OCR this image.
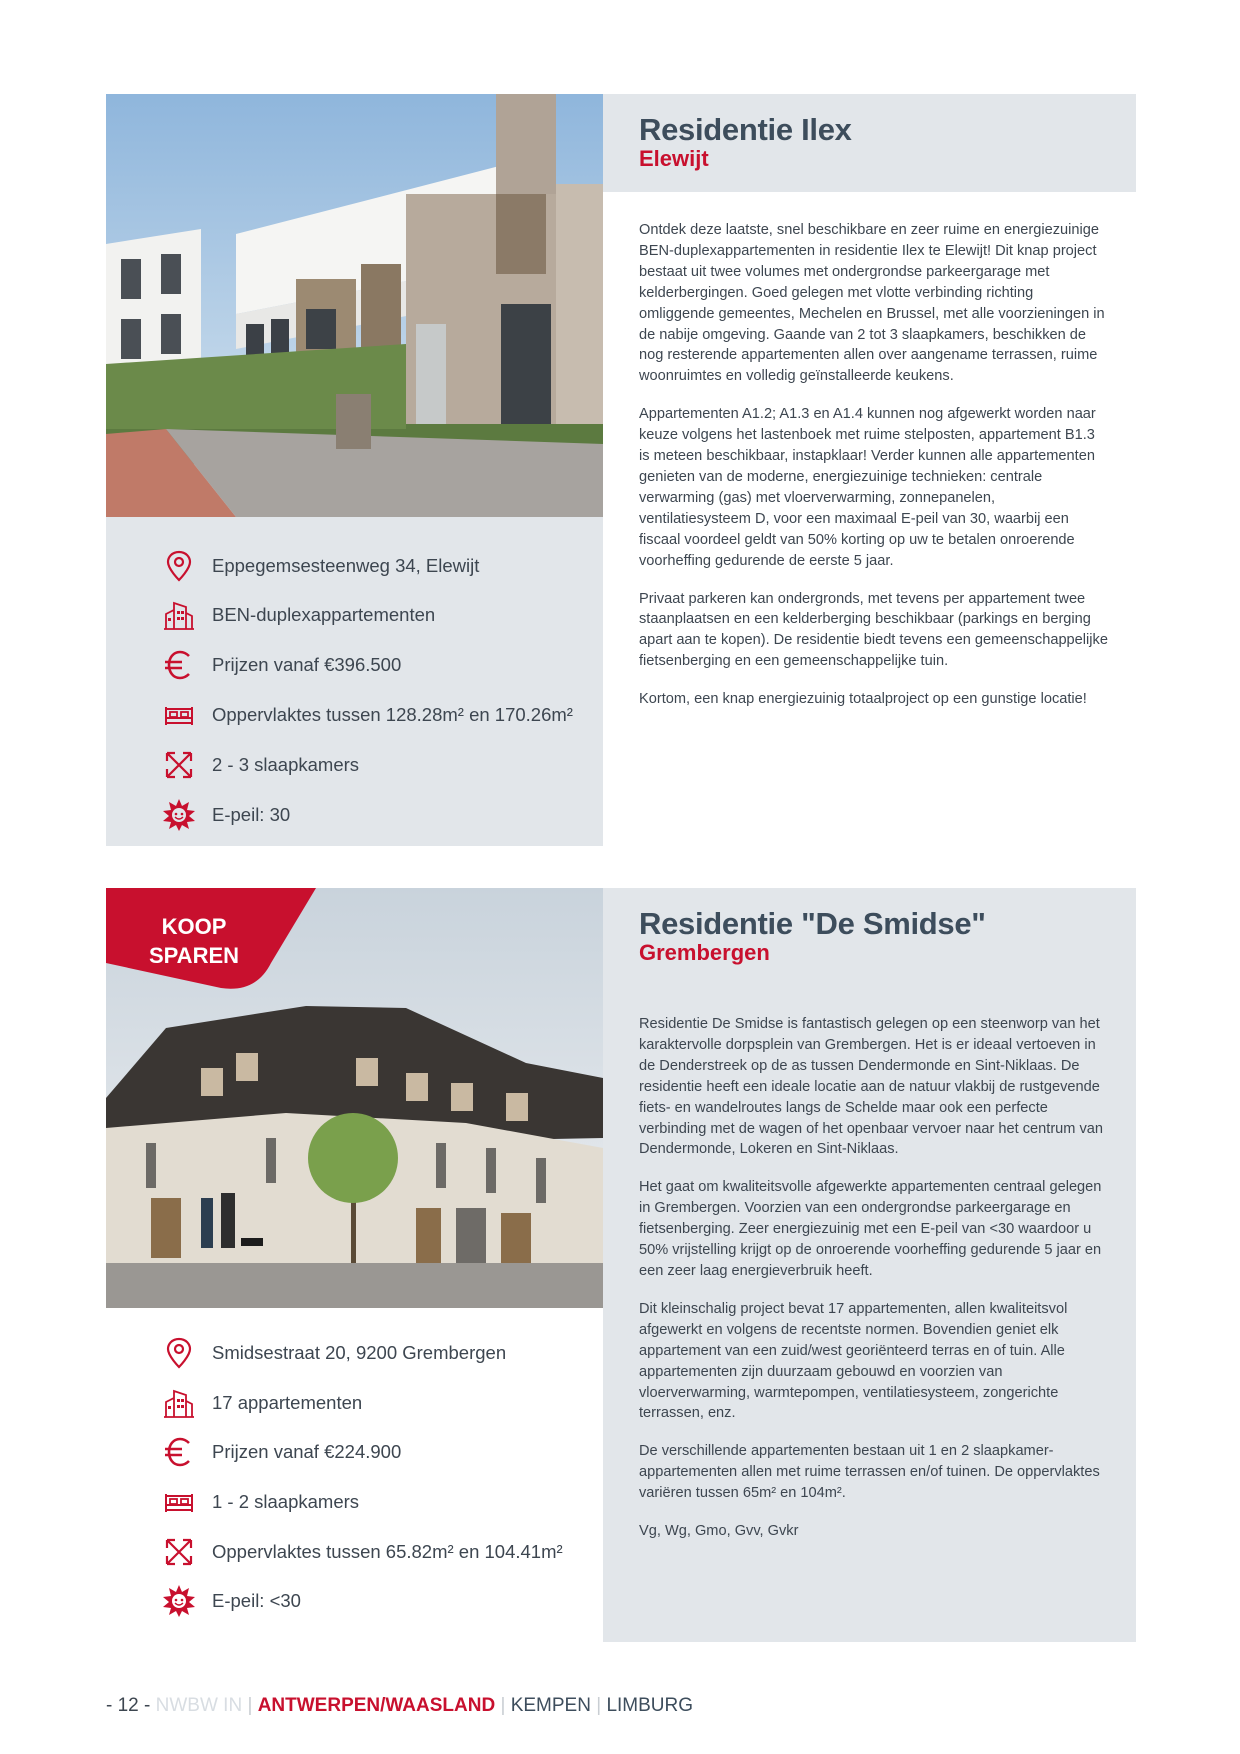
Eppegemsesteenweg 34, Elewijt
BEN-duplexappartementen
Prijzen vanaf €396.500
Oppervlaktes tussen 128.28m² en 170.26m²
2 - 3 slaapkamers
E-peil: 30
Residentie Ilex
Elewijt

Ontdek deze laatste, snel beschikbare en zeer ruime en energiezuinige BEN-duplexappartementen in residentie Ilex te Elewijt! Dit knap project bestaat uit twee volumes met ondergrondse parkeergarage met kelderbergingen. Goed gelegen met vlotte verbinding richting omliggende gemeentes, Mechelen en Brussel, met alle voorzieningen in de nabije omgeving. Gaande van 2 tot 3 slaapkamers, beschikken de nog resterende appartementen allen over aangename terrassen, ruime woonruimtes en volledig geïnstalleerde keukens.

Appartementen A1.2; A1.3 en A1.4 kunnen nog afgewerkt worden naar keuze volgens het lastenboek met ruime stelposten, appartement B1.3 is meteen beschikbaar, instapklaar! Verder kunnen alle appartementen genieten van de moderne, energiezuinige technieken: centrale verwarming (gas) met vloerverwarming, zonnepanelen, ventilatiesysteem D, voor een maximaal E-peil van 30, waarbij een fiscaal voordeel geldt van 50% korting op uw te betalen onroerende voorheffing gedurende de eerste 5 jaar.

Privaat parkeren kan ondergronds, met tevens per appartement twee staanplaatsen en een kelderberging beschikbaar (parkings en berging apart aan te kopen). De residentie biedt tevens een gemeenschappelijke fietsenberging en een gemeenschappelijke tuin.

Kortom, een knap energiezuinig totaalproject op een gunstige locatie!

KOOP
SPAREN
Smidsestraat 20, 9200 Grembergen
17 appartementen
Prijzen vanaf €224.900
1 - 2 slaapkamers
Oppervlaktes tussen 65.82m² en 104.41m²
E-peil: <30
Residentie "De Smidse"
Grembergen

Residentie De Smidse is fantastisch gelegen op een steenworp van het karaktervolle dorpsplein van Grembergen. Het is er ideaal vertoeven in de Denderstreek op de as tussen Dendermonde en Sint-Niklaas. De residentie heeft een ideale locatie aan de natuur vlakbij de rustgevende fiets- en wandelroutes langs de Schelde maar ook een perfecte verbinding met de wagen of het openbaar vervoer naar het centrum van Dendermonde, Lokeren en Sint-Niklaas.

Het gaat om kwaliteitsvolle afgewerkte appartementen centraal gelegen in Grembergen. Voorzien van een ondergrondse parkeergarage en fietsenberging. Zeer energiezuinig met een E-peil van <30 waardoor u 50% vrijstelling krijgt op de onroerende voorheffing gedurende 5 jaar en een zeer laag energieverbruik heeft.

Dit kleinschalig project bevat 17 appartementen, allen kwaliteitsvol afgewerkt en volgens de recentste normen. Bovendien geniet elk appartement van een zuid/west georiënteerd terras en of tuin. Alle appartementen zijn duurzaam gebouwd en voorzien van vloerverwarming, warmtepompen, ventilatiesysteem, zongerichte terrassen, enz.

De verschillende appartementen bestaan uit 1 en 2 slaapkamer-appartementen allen met ruime terrassen en/of tuinen. De oppervlaktes variëren tussen 65m² en 104m².

Vg, Wg, Gmo, Gvv, Gvkr

- 12 - NWBW IN | ANTWERPEN/WAASLAND | KEMPEN | LIMBURG
